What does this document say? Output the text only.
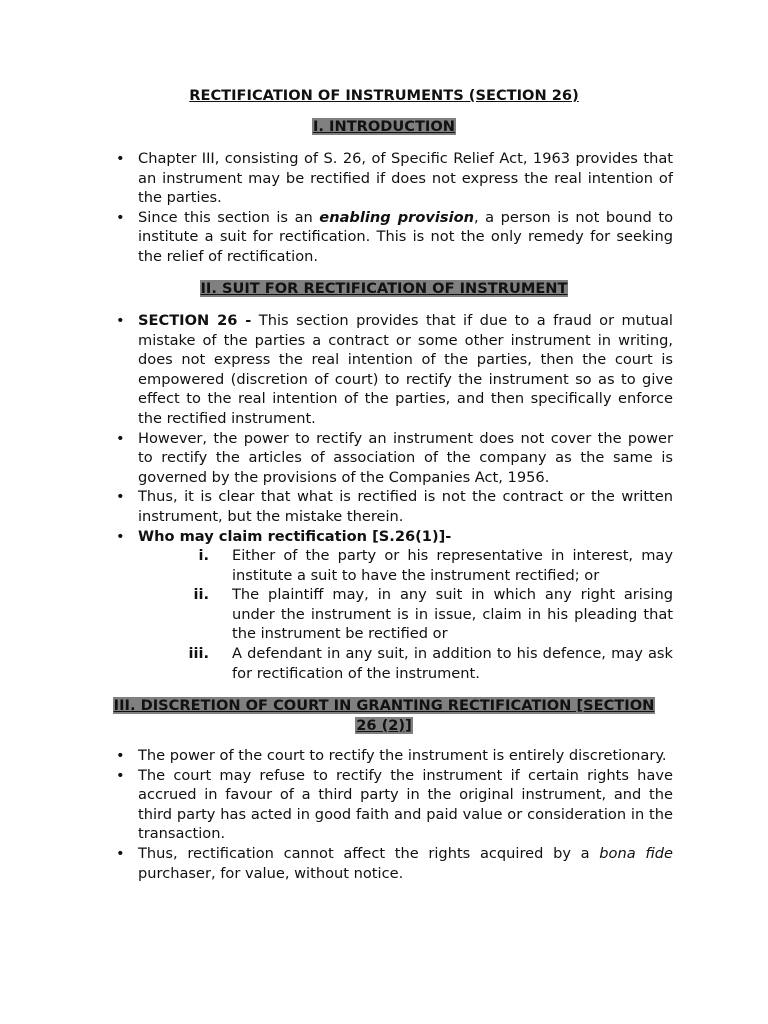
RECTIFICATION OF INSTRUMENTS (SECTION 26)
I. INTRODUCTION
• Chapter III, consisting of S. 26, of Specific Relief Act, 1963 provides that an instrument may be rectified if does not express the real intention of the parties.
• Since this section is an enabling provision, a person is not bound to institute a suit for rectification. This is not the only remedy for seeking the relief of rectification.
II. SUIT FOR RECTIFICATION OF INSTRUMENT
• SECTION 26 - This section provides that if due to a fraud or mutual mistake of the parties a contract or some other instrument in writing, does not express the real intention of the parties, then the court is empowered (discretion of court) to rectify the instrument so as to give effect to the real intention of the parties, and then specifically enforce the rectified instrument.
• However, the power to rectify an instrument does not cover the power to rectify the articles of association of the company as the same is governed by the provisions of the Companies Act, 1956.
• Thus, it is clear that what is rectified is not the contract or the written instrument, but the mistake therein.
• Who may claim rectification [S.26(1)]-
i. Either of the party or his representative in interest, may institute a suit to have the instrument rectified; or
ii. The plaintiff may, in any suit in which any right arising under the instrument is in issue, claim in his pleading that the instrument be rectified or
iii. A defendant in any suit, in addition to his defence, may ask for rectification of the instrument.
III. DISCRETION OF COURT IN GRANTING RECTIFICATION [SECTION
26 (2)]
• The power of the court to rectify the instrument is entirely discretionary.
• The court may refuse to rectify the instrument if certain rights have accrued in favour of a third party in the original instrument, and the third party has acted in good faith and paid value or consideration in the transaction.
• Thus, rectification cannot affect the rights acquired by a bona fide purchaser, for value, without notice.
